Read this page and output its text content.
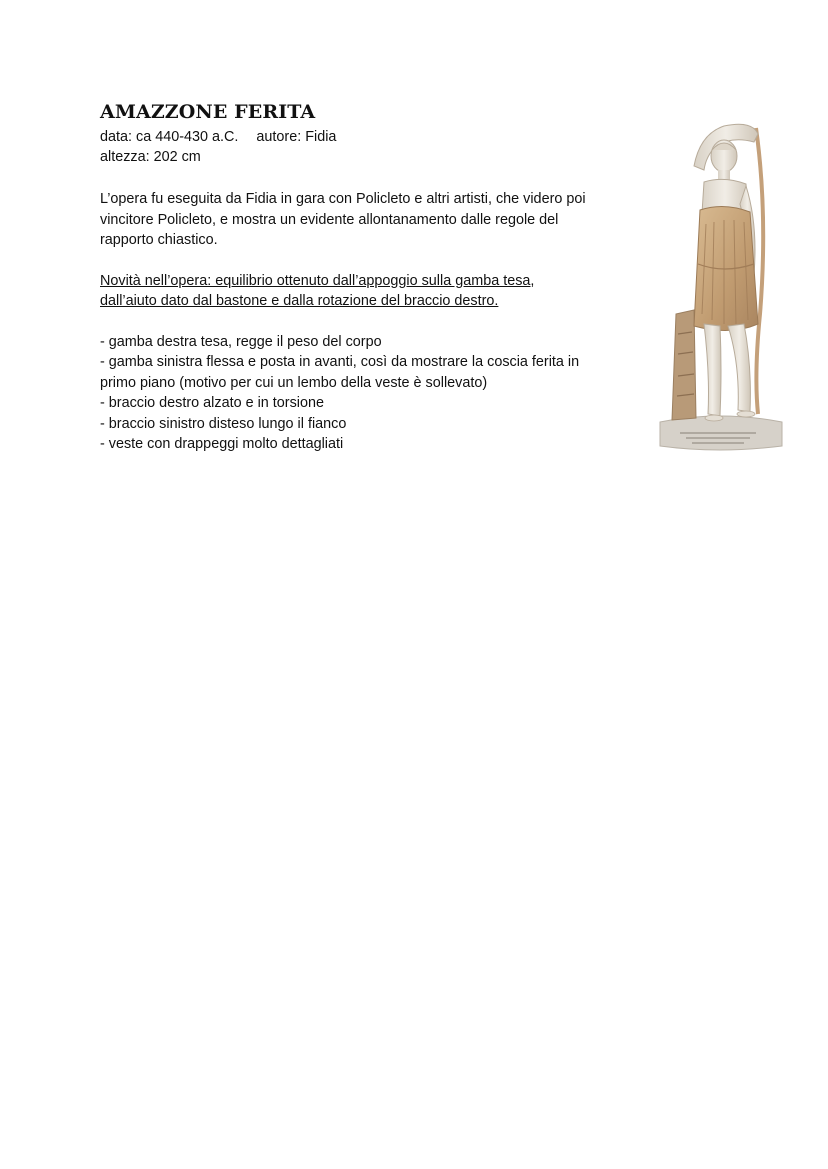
AMAZZONE FERITA

data: ca 440-430 a.C. autore: Fidia

altezza: 202 cm

L’opera fu eseguita da Fidia in gara con Policleto e altri artisti, che videro poi

vincitore Policleto, e mostra un evidente allontanamento dalle regole del

rapporto chiastico.

Novità nell’opera: equilibrio ottenuto dall’appoggio sulla gamba tesa,

dall’aiuto dato dal bastone e dalla rotazione del braccio destro.

- gamba destra tesa, regge il peso del corpo
- gamba sinistra flessa e posta in avanti, così da mostrare la coscia ferita in
primo piano (motivo per cui un lembo della veste è sollevato)
- braccio destro alzato e in torsione
- braccio sinistro disteso lungo il fianco
- veste con drappeggi molto dettagliati
